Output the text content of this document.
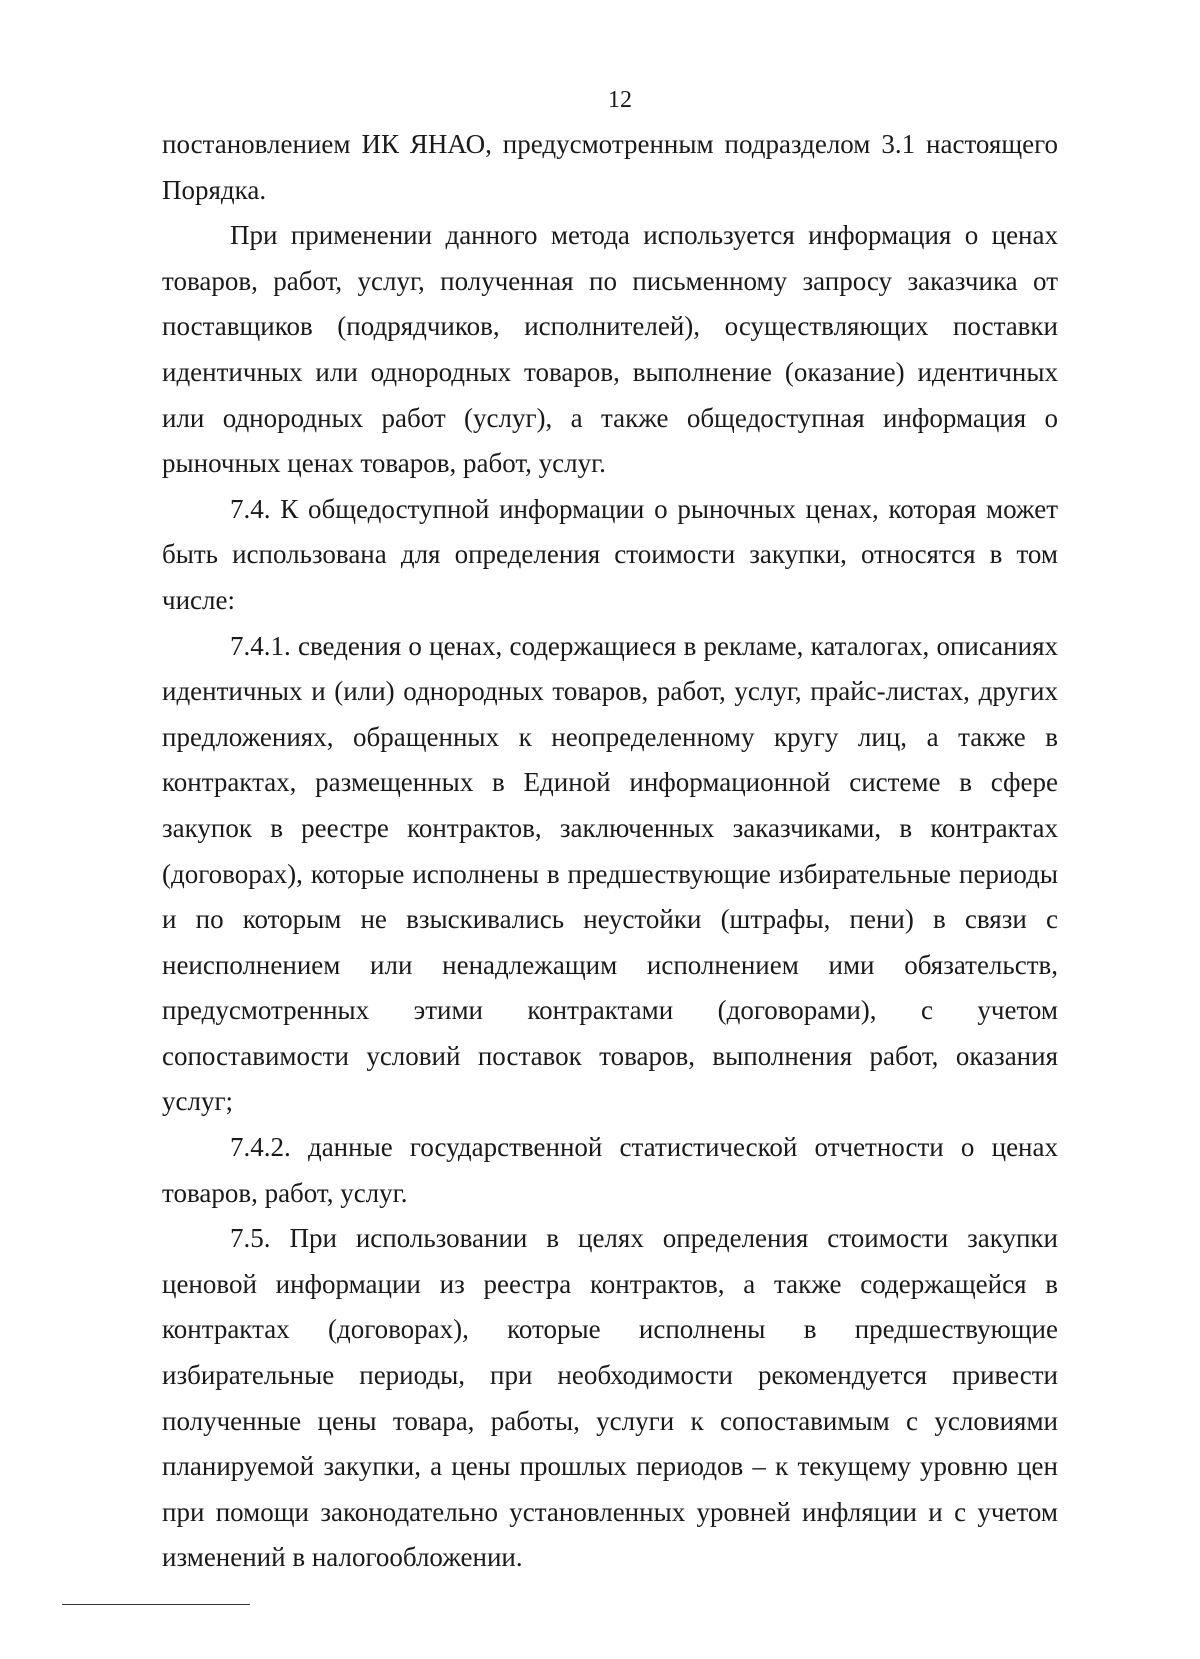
12

постановлением ИК ЯНАО, предусмотренным подразделом 3.1 настоящего Порядка.

При применении данного метода используется информация о ценах товаров, работ, услуг, полученная по письменному запросу заказчика от поставщиков (подрядчиков, исполнителей), осуществляющих поставки идентичных или однородных товаров, выполнение (оказание) идентичных или однородных работ (услуг), а также общедоступная информация о рыночных ценах товаров, работ, услуг.

7.4. К общедоступной информации о рыночных ценах, которая может быть использована для определения стоимости закупки, относятся в том числе:

7.4.1. сведения о ценах, содержащиеся в рекламе, каталогах, описаниях идентичных и (или) однородных товаров, работ, услуг, прайс-листах, других предложениях, обращенных к неопределенному кругу лиц, а также в контрактах, размещенных в Единой информационной системе в сфере закупок в реестре контрактов, заключенных заказчиками, в контрактах (договорах), которые исполнены в предшествующие избирательные периоды и по которым не взыскивались неустойки (штрафы, пени) в связи с неисполнением или ненадлежащим исполнением ими обязательств, предусмотренных этими контрактами (договорами), с учетом сопоставимости условий поставок товаров, выполнения работ, оказания услуг;

7.4.2. данные государственной статистической отчетности о ценах товаров, работ, услуг.

7.5. При использовании в целях определения стоимости закупки ценовой информации из реестра контрактов, а также содержащейся в контрактах (договорах), которые исполнены в предшествующие избирательные периоды, при необходимости рекомендуется привести полученные цены товара, работы, услуги к сопоставимым с условиями планируемой закупки, а цены прошлых периодов – к текущему уровню цен при помощи законодательно установленных уровней инфляции и с учетом изменений в налогообложении.
